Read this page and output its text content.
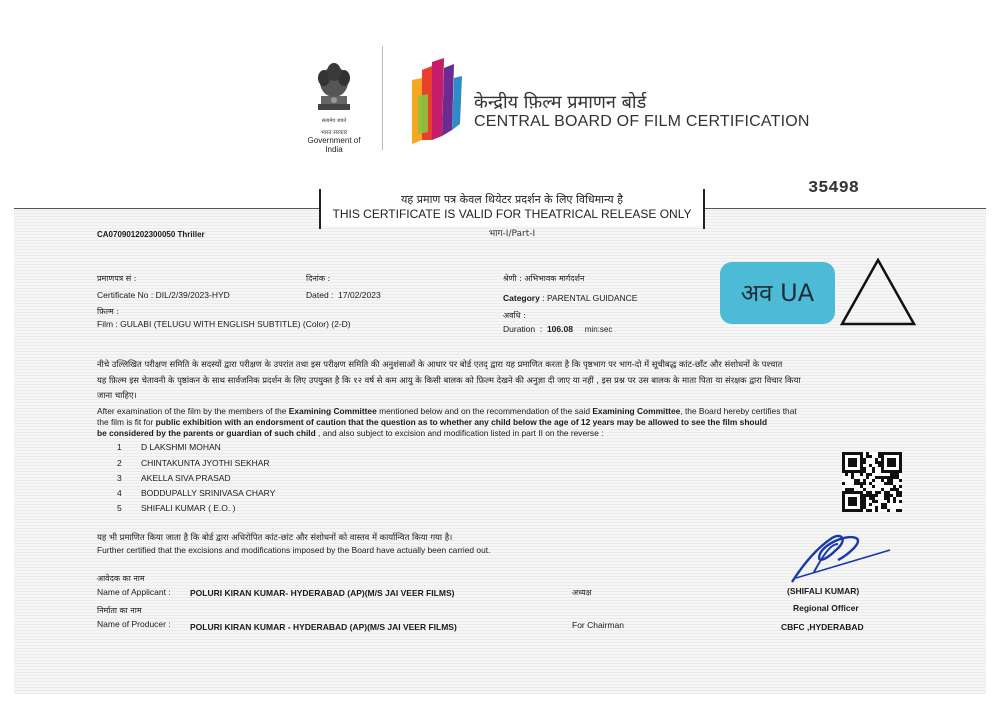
सत्यमेव जयते
भारत सरकार
Government of India
केन्द्रीय फ़िल्म प्रमाणन बोर्ड
CENTRAL BOARD OF FILM CERTIFICATION
35498
यह प्रमाण पत्र केवल थियेटर प्रदर्शन के लिए विधिमान्य है
THIS CERTIFICATE IS VALID FOR THEATRICAL RELEASE ONLY
भाग-I/Part-I
CA070901202300050 Thriller
प्रमाणपत्र सं :
Certificate No : DIL/2/39/2023-HYD
दिनांक :
Dated :  17/02/2023
फ़िल्म :
Film : GULABI (TELUGU WITH ENGLISH SUBTITLE) (Color) (2-D)
श्रेणी : अभिभावक मार्गदर्शन
Category : PARENTAL GUIDANCE
अवधि :
Duration  :  106.08 min:sec
अव UA
नीचे उल्लिखित परीक्षण समिति के सदस्यों द्वारा परीक्षण के उपरांत तथा इस परीक्षण समिति की अनुशंसाओं के आधार पर बोर्ड एतद् द्वारा यह प्रमाणित करता है कि पृष्ठभाग पर भाग-दो में सूचीबद्ध कांट-छाँट और संशोधनों के पश्चात
यह फ़िल्म इस चेतावनी के पृष्ठांकन के साथ सार्वजनिक प्रदर्शन के लिए उपयुक्त है कि १२ वर्ष से कम आयु के किसी बालक को फ़िल्म देखने की अनुज्ञा दी जाए या नहीं , इस प्रश्न पर उस बालक के माता पिता या संरक्षक द्वारा विचार किया
जाना चाहिए।
After examination of the film by the members of the Examining Committee mentioned below and on the recommendation of the said Examining Committee, the Board hereby certifies that
the film is fit for public exhibition with an endorsment of caution that the question as to whether any child below the age of 12 years may be allowed to see the film should
be considered by the parents or guardian of such child , and also subject to excision and modification listed in part II on the reverse :
1 D LAKSHMI MOHAN
2 CHINTAKUNTA JYOTHI SEKHAR
3 AKELLA SIVA PRASAD
4 BODDUPALLY SRINIVASA CHARY
5 SHIFALI KUMAR ( E.O. )
यह भी प्रमाणित किया जाता है कि बोर्ड द्वारा अधिरोपित कांट-छांट और संशोधनों को वास्तव में कार्यान्वित किया गया है।
Further certified that the excisions and modifications imposed by the Board have actually been carried out.
आवेदक का नाम
Name of Applicant : POLURI KIRAN KUMAR- HYDERABAD (AP)(M/S JAI VEER FILMS)
निर्माता का नाम
Name of Producer : POLURI KIRAN KUMAR - HYDERABAD (AP)(M/S JAI VEER FILMS)
अध्यक्ष
For Chairman
(SHIFALI KUMAR)
Regional Officer
CBFC ,HYDERABAD
